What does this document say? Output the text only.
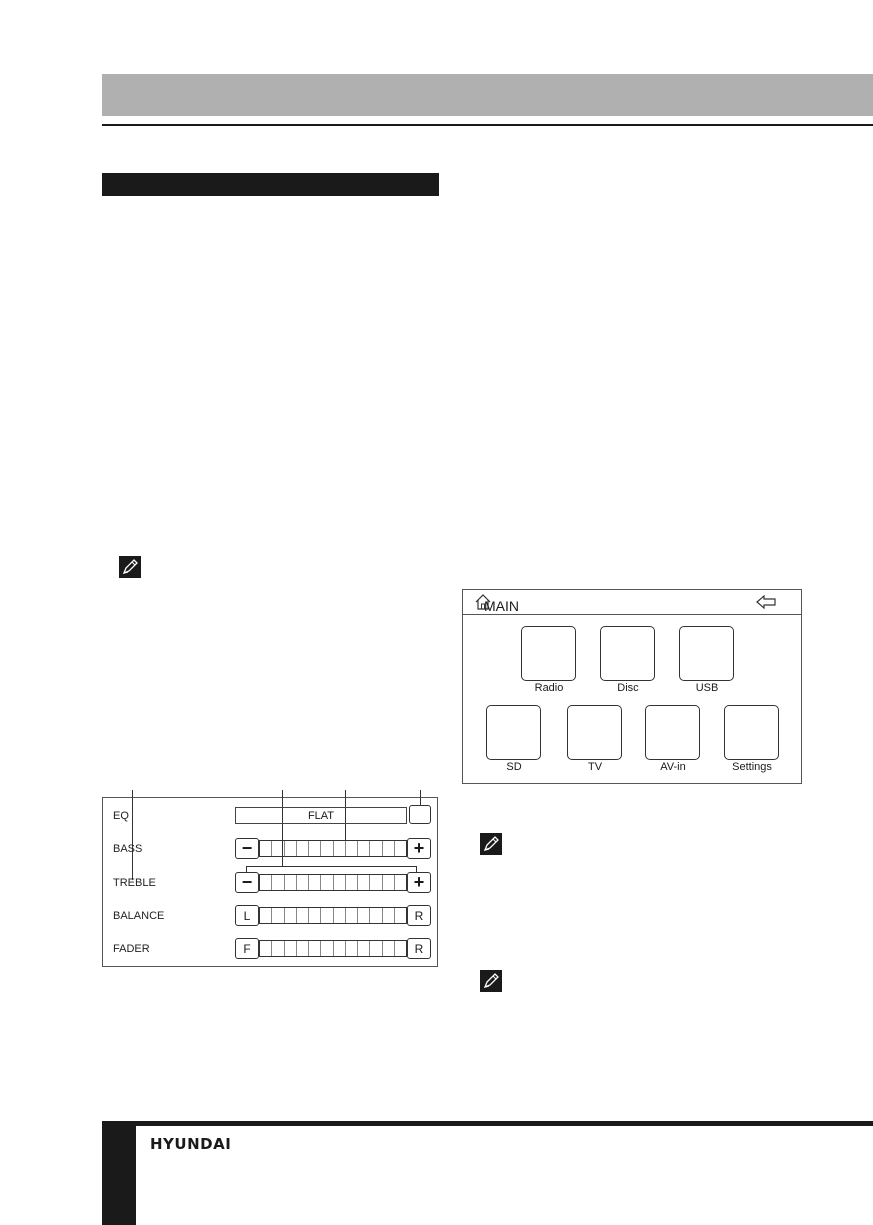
MAIN
Radio	Disc	USB
SD	TV	AV-in	Settings
EQ	FLAT
BASS	−	+
TREBLE	−	+
BALANCE	L	R
FADER	F	R
HYUNDAI
